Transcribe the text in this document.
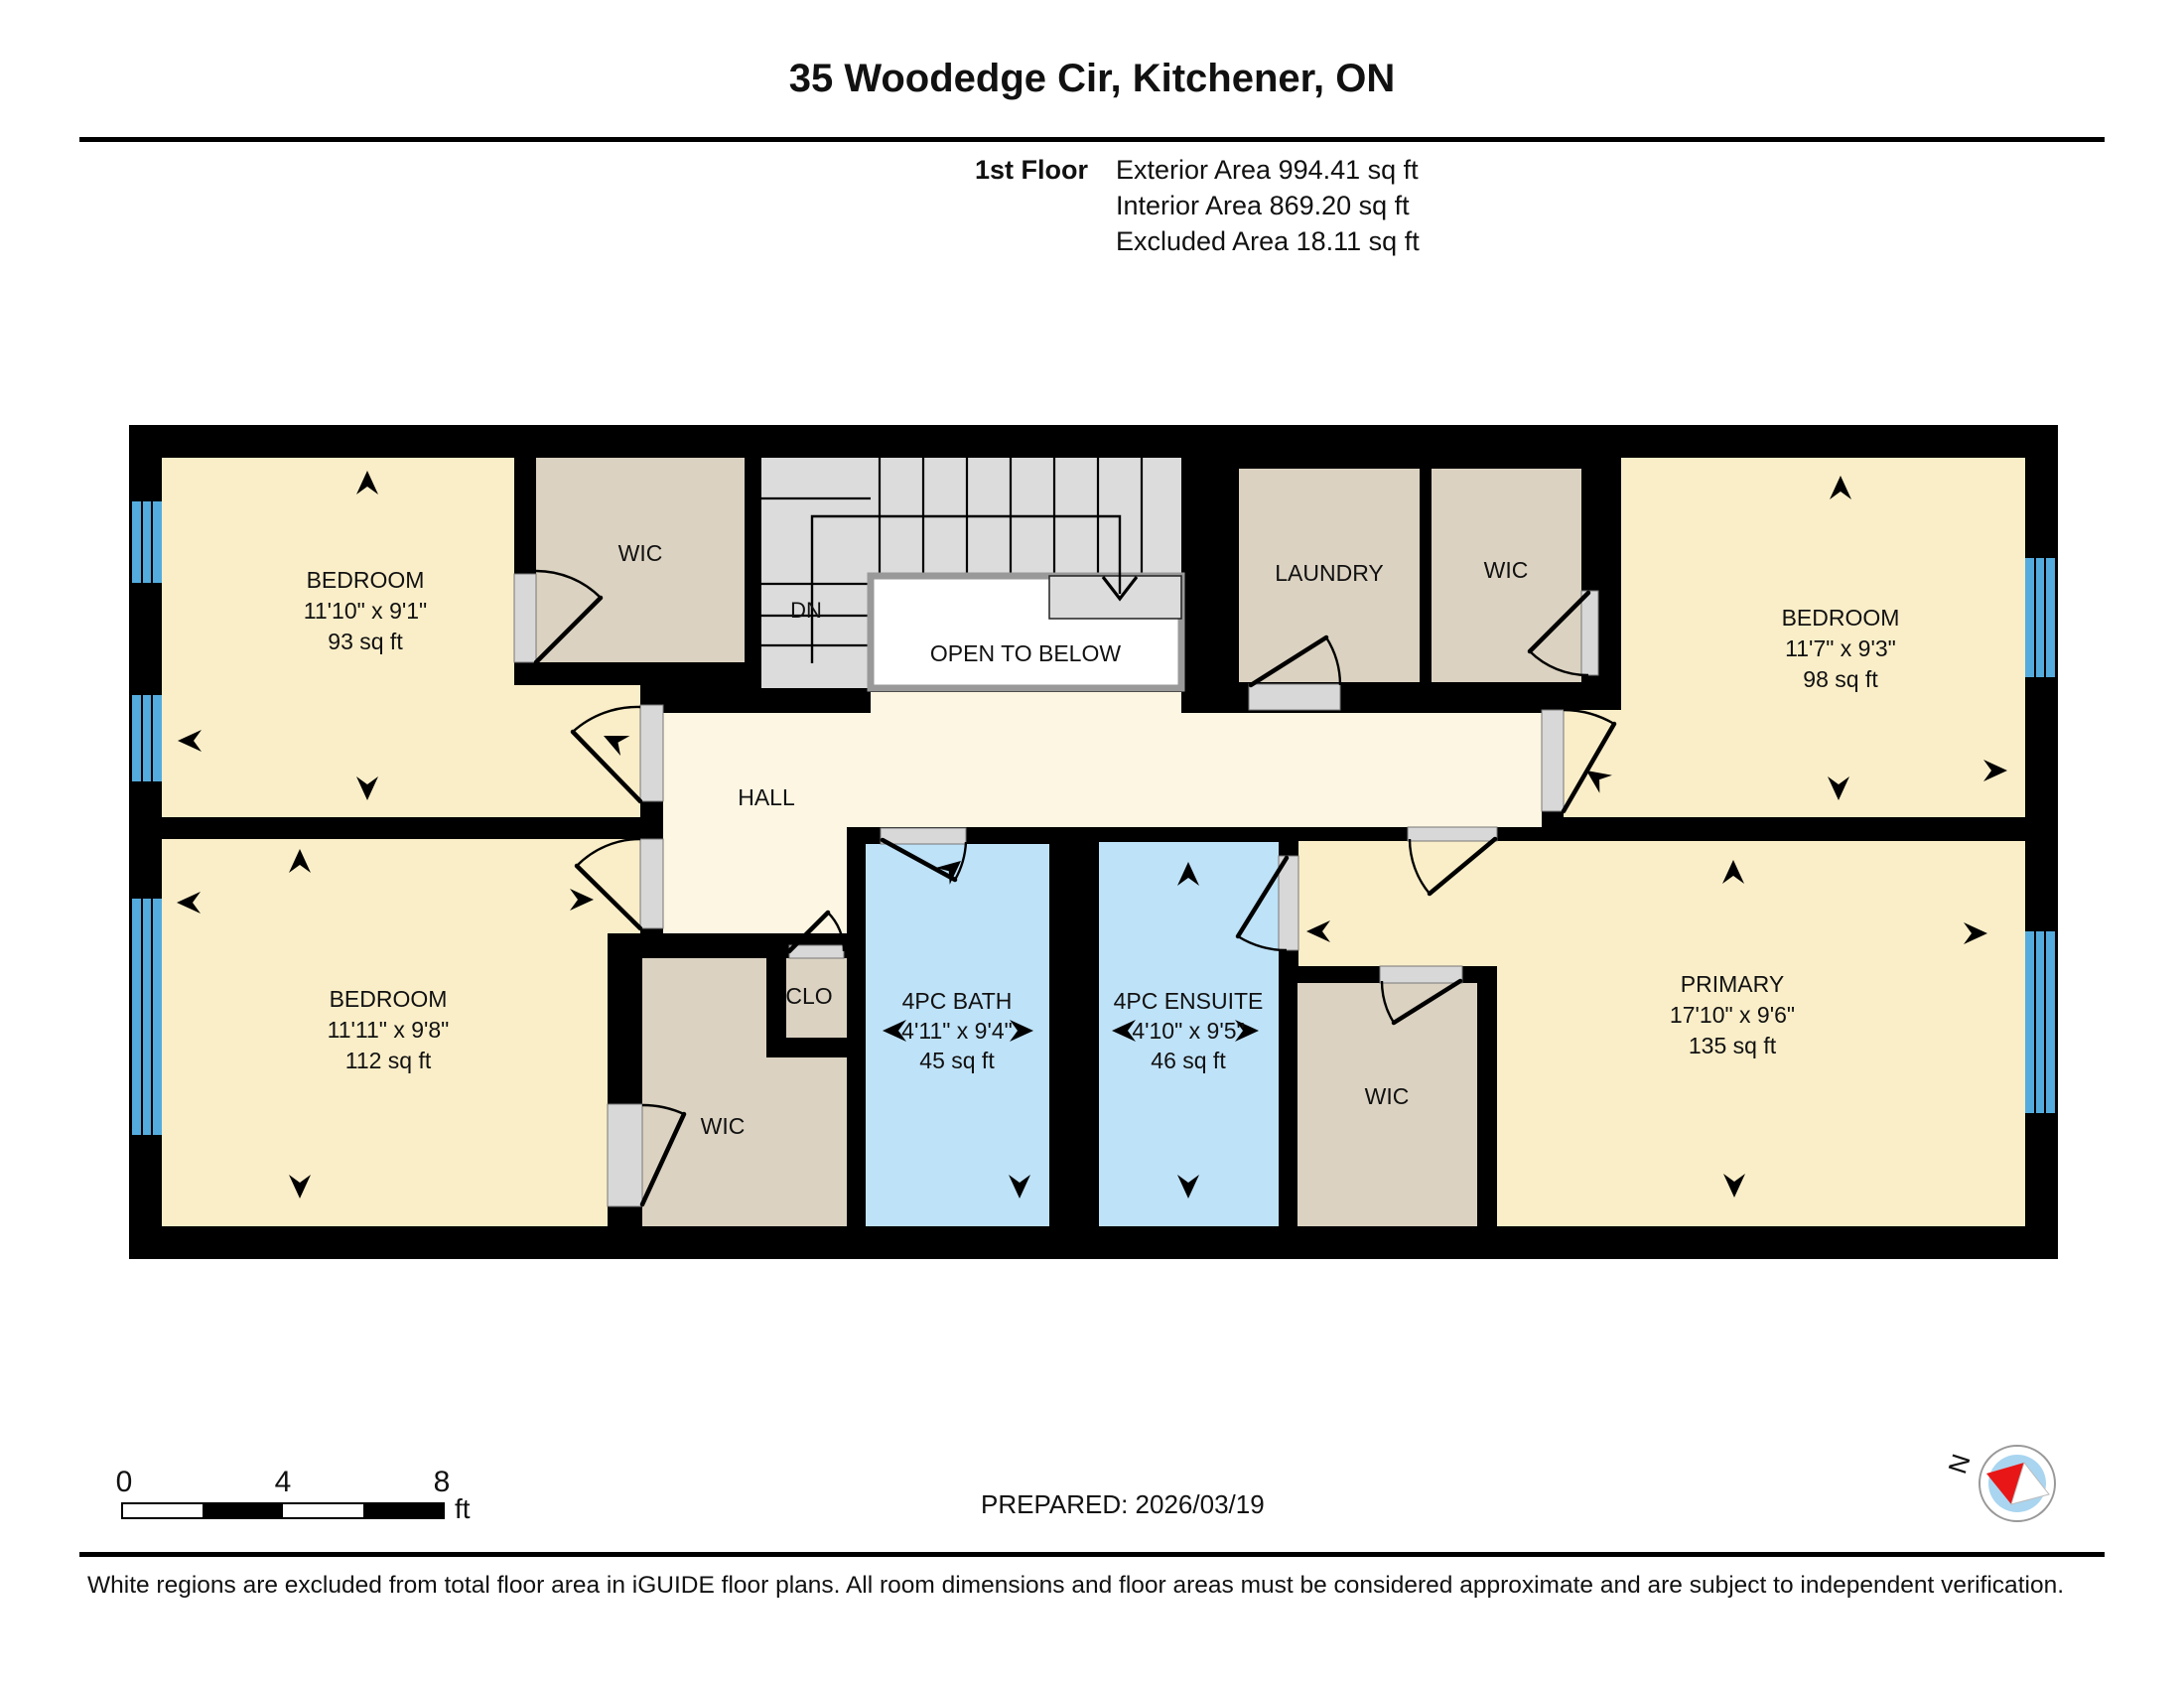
35 Woodedge Cir, Kitchener, ON
1st Floor Exterior Area 994.41 sq ft
Interior Area 869.20 sq ft
Excluded Area 18.11 sq ft
BEDROOM
11'10" x 9'1"
93 sq ft
BEDROOM
11'11" x 9'8"
112 sq ft
BEDROOM
11'7" x 9'3"
98 sq ft
PRIMARY
17'10" x 9'6"
135 sq ft
4PC BATH
4'11" x 9'4"
45 sq ft
4PC ENSUITE
4'10" x 9'5"
46 sq ft
HALL
WIC
WIC
LAUNDRY
WIC
CLO
WIC
OPEN TO BELOW
DN
0	4	8
ft	PREPARED: 2026/03/19
N
White regions are excluded from total floor area in iGUIDE floor plans. All room dimensions and floor areas must be considered approximate and are subject to independent verification.
